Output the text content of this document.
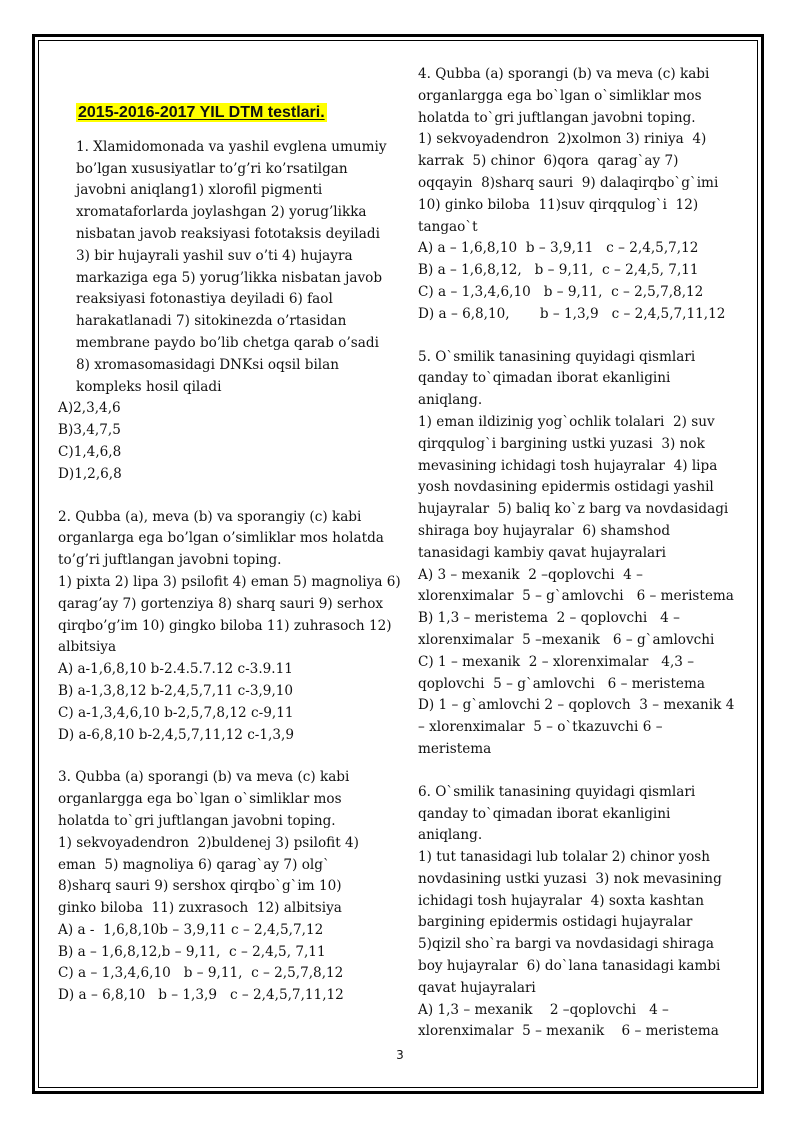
2015-2016-2017 YIL DTM testlari.
1. Xlamidomonada va yashil evglena umumiy
bo’lgan xususiyatlar to’g’ri ko’rsatilgan
javobni aniqlang1) xlorofil pigmenti
xromataforlarda joylashgan 2) yorug’likka
nisbatan javob reaksiyasi fototaksis deyiladi
3) bir hujayrali yashil suv o’ti 4) hujayra
markaziga ega 5) yorug’likka nisbatan javob
reaksiyasi fotonastiya deyiladi 6) faol
harakatlanadi 7) sitokinezda o’rtasidan
membrane paydo bo’lib chetga qarab o’sadi
8) xromasomasidagi DNKsi oqsil bilan
kompleks hosil qiladi
A)2,3,4,6
B)3,4,7,5
C)1,4,6,8
D)1,2,6,8
2. Qubba (a), meva (b) va sporangiy (c) kabi
organlarga ega bo’lgan o’simliklar mos holatda
to’g’ri juftlangan javobni toping.
1) pixta 2) lipa 3) psilofit 4) eman 5) magnoliya 6)
qarag’ay 7) gortenziya 8) sharq sauri 9) serhox
qirqbo’g’im 10) gingko biloba 11) zuhrasoch 12)
albitsiya
A) a-1,6,8,10 b-2.4.5.7.12 c-3.9.11
B) a-1,3,8,12 b-2,4,5,7,11 c-3,9,10
C) a-1,3,4,6,10 b-2,5,7,8,12 c-9,11
D) a-6,8,10 b-2,4,5,7,11,12 c-1,3,9
3. Qubba (a) sporangi (b) va meva (c) kabi
organlargga ega bo`lgan o`simliklar mos
holatda to`gri juftlangan javobni toping.
1) sekvoyadendron  2)buldenej 3) psilofit 4)
eman  5) magnoliya 6) qarag`ay 7) olg`
8)sharq sauri 9) sershox qirqbo`g`im 10)
ginko biloba  11) zuxrasoch  12) albitsiya
A) a -  1,6,8,10b – 3,9,11 c – 2,4,5,7,12
B) a – 1,6,8,12,b – 9,11,  c – 2,4,5, 7,11
C) a – 1,3,4,6,10   b – 9,11,  c – 2,5,7,8,12
D) a – 6,8,10   b – 1,3,9   c – 2,4,5,7,11,12
4. Qubba (a) sporangi (b) va meva (c) kabi
organlargga ega bo`lgan o`simliklar mos
holatda to`gri juftlangan javobni toping.
1) sekvoyadendron  2)xolmon 3) riniya  4)
karrak  5) chinor  6)qora  qarag`ay 7)
oqqayin  8)sharq sauri  9) dalaqirqbo`g`imi
10) ginko biloba  11)suv qirqqulog`i  12)
tangao`t
A) a – 1,6,8,10  b – 3,9,11   c – 2,4,5,7,12
B) a – 1,6,8,12,   b – 9,11,  c – 2,4,5, 7,11
C) a – 1,3,4,6,10   b – 9,11,  c – 2,5,7,8,12
D) a – 6,8,10,       b – 1,3,9   c – 2,4,5,7,11,12
5. O`smilik tanasining quyidagi qismlari
qanday to`qimadan iborat ekanligini
aniqlang.
1) eman ildizinig yog`ochlik tolalari  2) suv
qirqqulog`i bargining ustki yuzasi  3) nok
mevasining ichidagi tosh hujayralar  4) lipa
yosh novdasining epidermis ostidagi yashil
hujayralar  5) baliq ko`z barg va novdasidagi
shiraga boy hujayralar  6) shamshod
tanasidagi kambiy qavat hujayralari
A) 3 – mexanik  2 –qoplovchi  4 –
xlorenximalar  5 – g`amlovchi   6 – meristema
B) 1,3 – meristema  2 – qoplovchi   4 –
xlorenximalar  5 –mexanik   6 – g`amlovchi
C) 1 – mexanik  2 – xlorenximalar   4,3 –
qoplovchi  5 – g`amlovchi   6 – meristema
D) 1 – g`amlovchi 2 – qoplovch  3 – mexanik 4
– xlorenximalar  5 – o`tkazuvchi 6 –
meristema
6. O`smilik tanasining quyidagi qismlari
qanday to`qimadan iborat ekanligini
aniqlang.
1) tut tanasidagi lub tolalar 2) chinor yosh
novdasining ustki yuzasi  3) nok mevasining
ichidagi tosh hujayralar  4) soxta kashtan
bargining epidermis ostidagi hujayralar
5)qizil sho`ra bargi va novdasidagi shiraga
boy hujayralar  6) do`lana tanasidagi kambi
qavat hujayralari
A) 1,3 – mexanik    2 –qoplovchi   4 –
xlorenximalar  5 – mexanik    6 – meristema
3
